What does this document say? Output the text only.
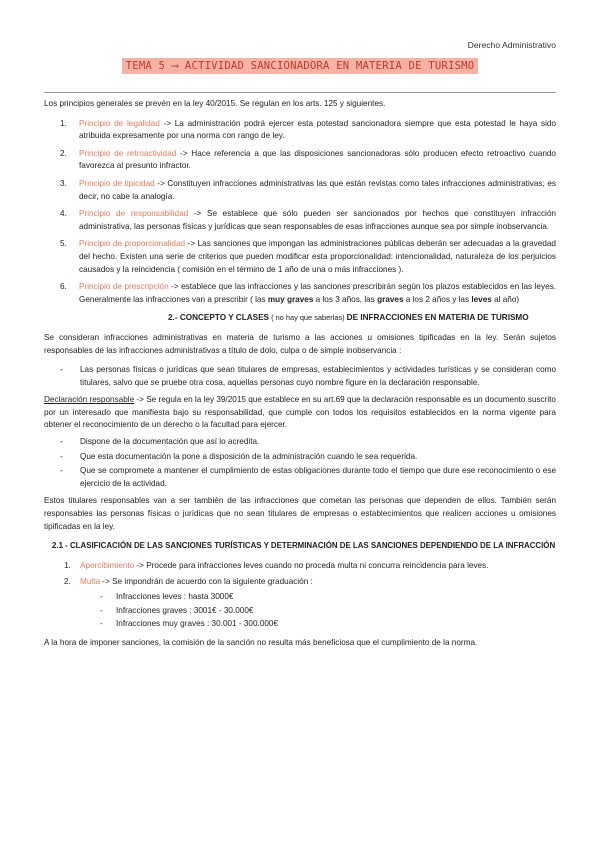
Derecho Administrativo
TEMA 5 ⟶ ACTIVIDAD SANCIONADORA EN MATERIA DE TURISMO

Los principios generales se prevén en la ley 40/2015. Se regulan en los arts. 125 y siguientes.

1.	Principio de legalidad -> La administración podrá ejercer esta potestad sancionadora siempre que esta potestad le haya sido atribuida expresamente por una norma con rango de ley.
2.	Principio de retroactividad -> Hace referencia a que las disposiciones sancionadoras sólo producen efecto retroactivo cuando favorezca al presunto infractor.
3.	Principio de tipicidad -> Constituyen infracciones administrativas las que están revistas como tales infracciones administrativas; es decir, no cabe la analogía.
4.	Principio de responsabilidad -> Se establece que sólo pueden ser sancionados por hechos que constituyen infracción administrativa, las personas físicas y jurídicas que sean responsables de esas infracciones aunque sea por simple inobservancia.
5.	Principio de proporcionalidad -> Las sanciones que impongan las administraciones públicas deberán ser adecuadas a la gravedad del hecho. Existen una serie de criterios que pueden modificar esta proporcionalidad: intencionalidad, naturaleza de los perjuicios causados y la reincidencia ( comisión en el término de 1 año de una o más infracciones ).
6.	Principio de prescripción -> establece que las infracciones y las sanciones prescribirán según los plazos establecidos en las leyes. Generalmente las infracciones van a prescribir ( las muy graves a los 3 años, las graves a los 2 años y las leves al año)
2.- CONCEPTO Y CLASES ( no hay que saberlas) DE INFRACCIONES EN MATERIA DE TURISMO

Se consideran infracciones administrativas en materia de turismo a las acciones u omisiones tipificadas en la ley. Serán sujetos responsables de las infracciones administrativas a título de dolo, culpa o de simple inobservancia :

- Las personas físicas o jurídicas que sean titulares de empresas, establecimientos y actividades turísticas y se consideran como titulares, salvo que se pruebe otra cosa, aquellas personas cuyo nombre figure en la declaración responsable.

Declaración responsable -> Se regula en la ley 39/2015 que establece en su art.69 que la declaración responsable es un documento suscrito por un interesado que manifiesta bajo su responsabilidad, que cumple con todos los requisitos establecidos en la norma vigente para obtener el reconocimiento de un derecho o la facultad para ejercer.

- Dispone de la documentación que así lo acredita.
- Que esta documentación la pone a disposición de la administración cuando le sea requerida.
- Que se compromete a mantener el cumplimiento de estas obligaciones durante todo el tiempo que dure ese reconocimiento o ese ejercicio de la actividad.

Estos titulares responsables van a ser también de las infracciones que cometan las personas que dependen de ellos. También serán responsables las personas físicas o jurídicas que no sean titulares de empresas o establecimientos que realicen acciones u omisiones tipificadas en la ley.

2.1 - CLASIFICACIÓN DE LAS SANCIONES TURÍSTICAS Y DETERMINACIÓN DE LAS SANCIONES DEPENDIENDO DE LA INFRACCIÓN
1.	Apercibimiento -> Procede para infracciones leves cuando no proceda multa ni concurra reincidencia para leves.
2.	Multa -> Se impondrán de acuerdo con la siguiente graduación :
- Infracciones leves : hasta 3000€
- Infracciones graves : 3001€ - 30.000€
- Infracciones muy graves : 30.001 - 300.000€

A la hora de imponer sanciones, la comisión de la sanción no resulta más beneficiosa que el cumplimiento de la norma.
